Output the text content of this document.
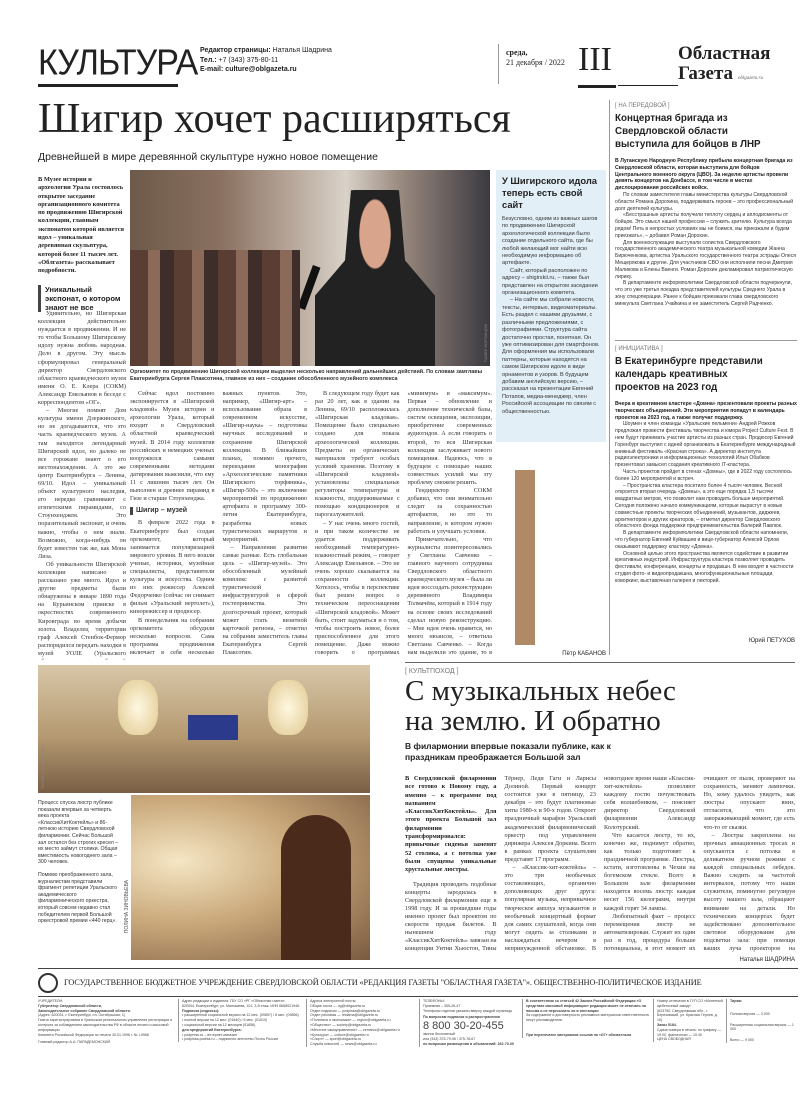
КУЛЬТУРА Редактор страницы: Наталья Шадрина
Тел.: +7 (343) 375-80-11
E-mail: culture@oblgazeta.ru
среда,
21 декабря / 2022 III	Областная
Газета oblgazeta.ru
Шигир хочет расширяться
Древнейшей в мире деревянной скульптуре нужно новое помещение
В Музее истории и археологии Урала состоялось открытое заседание организационного комитета по продвижению Шигирской коллекции, главным экспонатом которой является идол – уникальная деревянная скульптура, которой более 11 тысяч лет. «Облгазета» рассказывает подробности.
Уникальный экспонат, о котором знают не все

Удивительно, но Шигирская коллекция действительно нуждается в продвижении. И не то чтобы Большому Шигирскому идолу нужна любовь народная. Дело в другом. Эту мысль сформулировал генеральный директор Свердловского областного краеведческого музея имени О. Е. Клера (СОКМ) Александр Емельянов в беседе с корреспондентом «ОГ».

– Многие помнят Дом культуры имени Дзержинского, но не догадываются, что это часть краеведческого музея. А там находится легендарный Шигирский идол, но далеко не все горожане знают о его местонахождении. А это же центр Екатеринбурга – Ленина, 69/10. Идол – уникальный объект культурного наследия, его нередко сравнивают с египетскими пирамидами, со Стоунхенджем. Это поразительный экспонат, и очень важно, чтобы о нем знали. Возможно, когда-нибудь он будет известен так же, как Мона Лиза.

Об уникальности Шигирской коллекции написано и рассказано уже много. Идол и другие предметы были обнаружены в январе 1890 года на Курьинском прииске в окрестностях современного Кировграда во время добычи золота. Владелец территории граф Алексей Стенбок-Фермор распорядился передать находки в музей УОЛЕ (Уральского

ПАВЕЛ ВОРОЖЦОВ
Оргкомитет по продвижению Шигирской коллекции выделил несколько направлений дальнейших действий. По словам замглавы Екатеринбурга Сергея Плаксотина, главное из них – создание обособленного музейного комплекса

Сейчас идол постоянно экспонируется в «Шигирской кладовой» Музея истории и археологии Урала, который входит в Свердловский областной краеведческий музей. В 2014 году коллектив российских и немецких ученых вооружился самыми современными методами датирования выяснили, что ему 11 с лишним тысяч лет. Он выполнен и древнее пирамид в Гизе и старше Стоунхенджа.

Шигир – музей

В феврале 2022 года в Екатеринбурге был создан оргкомитет, который занимается популяризацией мирового уровня. В него вошли ученые, историки, музейные специалисты, представители культуры и искусства. Одним из них режиссер Алексей Федорченко (сейчас он снимает фильм «Уральский вертолет»), кинорежиссер и продюсер.

В понедельник на собрании оргкомитета обсудили несколько вопросов. Сама программа продвижения включает в себя несколько важных пунктов. Это, например, «Шигир-арт» – использование образа в современном искусстве, «Шигир-наука» – подготовка научных исследований и сохранение Шигирской коллекции. В ближайших планах, помимо прочего, переиздание монографии «Археологические памятники Шигирского торфяника», «Шигир-500» – это включение мероприятий по продвижению артефакта в программу 300-летия Екатеринбурга, разработка новых туристических маршрутов и мероприятий.

– Направления развития самые разные. Есть глобальная цель – «Шигир-музей». Это обособленный музейный комплекс с развитой туристической инфраструктурой и сферой гостеприимства. Это долгосрочный проект, который может стать визитной карточкой региона, – отметил на собрании заместитель главы Екатеринбурга Сергей Плаксотин.

В следующем году будет как раз 20 лет, как в здании на Ленина, 69/10 расположилась «Шигирская кладовая». Помещение было специально создано для показа археологической коллекции. Предметы из органических материалов требуют особых условий хранения. Поэтому в «Шигирской кладовой» установлены специальные регуляторы температуры и влажности, поддерживаемые с помощью кондиционеров и парогазлужителей.

– У нас очень много гостей, и при таком количестве не удается поддерживать необходимый температурно-влажностный режим, – говорит Александр Емельянов. – Это не очень хорошо сказывается на сохранности коллекции. Хотелось, чтобы в перспективе был решен вопрос о техническом переоснащении «Шигирской кладовой». Может быть, стоит задуматься и о том, чтобы построить новое, более приспособленное для этого помещение. Даже можно говорить о программах «минимум» и «максимум». Первая – обновление и дополнение технической базы, систем освещения, экспозиции, приобретение современных аудиогидов. А если говорить о второй, то вся Шигирская коллекция заслуживает нового помещения. Надеюсь, что в будущем с помощью наших совместных усилий мы эту проблему сможем решить.

Гендиректор СОКМ добавил, что они внимательно следят за сохранностью артефактов, но это то направление, в котором нужно работать и улучшать условия.

Примечательно, что журналисты поинтересовались у Светланы Савченко – главного научного сотрудника Свердловского областного краеведческого музея – была ли идея воссоздать реконструкцию деревянного Владимира Толмачёва, который в 1914 году на основе своих исследований сделал новую реконструкцию. – Мне идея очень нравится, но много нюансов, – ответила Светлана Савченко. – Когда нам выделили это здание, то в

У Шигирского идола теперь есть свой сайт
Безусловно, одним из важных шагов по продвижению Шигирской археологической коллекции было создание отдельного сайта, где бы любой желающий мог найти всю необходимую информацию об артефакте.

Сайт, который расположен по адресу – shigirskii.ru, – также был представлен на открытом заседании организационного комитета.

– На сайте мы собрали новости, тексты, интервью, видеоматериалы. Есть раздел с нашими друзьями, с различными предложениями, с фотографиями. Структура сайта достаточно простая, понятная. Он уже оптимизирован для смартфонов. Для оформления мы использовали паттерны, которые находятся на самом Шигирском идоле в виде орнаментов и узоров. В будущем добавим английскую версию, – рассказал на презентации Евгений Потапов, медиа-менеджер, член Российской ассоциации по связям с общественностью.

Пётр КАБАНОВ
[ НА ПЕРЕДОВОЙ ]
Концертная бригада из Свердловской области выступила для бойцов в ЛНР
В Луганскую Народную Республику прибыла концертная бригада из Свердловской области, которая выступила для бойцов Центрального военного округа (ЦВО). За неделю артисты провели девять концертов на Донбассе, в том числе в местах дислоцирования российских войск.

По словам заместителя главы министерства культуры Свердловской области Романа Дорохина, поддерживать героев – это профессиональный долг деятелей культуры.

«Бесстрашные артисты получили теплоту сердец и аплодисменты от бойцов. Это смысл нашей профессии – служить зрителю. Культура всегда рядом! Петь в непростых условиях мы не боимся, мы приезжали и будем приезжать», – добавил Роман Дорохин.

Для военнослужащих выступали солистка Свердловского государственного академического театра музыкальной комедии Жанна Бирюченкова, артистка Уральского государственного театра эстрады Олеся Мещерякова и другие. Для участников СВО они исполнили песни Дмитрия Маликова и Елены Ваенги. Роман Дорохин декламировал патриотическую лирику.

В департаменте информполитики Свердловской области подчеркнули, что это уже третья поездка представителей культуры Среднего Урала в зону спецоперации. Ранее к бойцам приезжали глава свердловского минкульта Светлана Учайкина и ее заместитель Сергей Радченко.

[ ИНИЦИАТИВА ]
В Екатеринбурге представили календарь креативных проектов на 2023 год
Вчера в креативном кластере «Домна» презентовали проекты разных творческих объединений. Эти мероприятия попадут в календарь проектов на 2023 год, а также получат поддержку.

Шоумен и член команды «Уральские пельмени» Андрей Рожков предложил провести фестиваль творчества и юмора Project Culture Fest. В нем будут принимать участие артисты из разных стран. Продюсер Евгений Горенбург выступил с идеей организовать в Екатеринбурге международный книжный фестиваль «Красная строка». А директор института радиоэлектроники и информационных технологий Илья Обабков презентовал замысел создания креативного IT-кластера.

Часть проектов пройдет в стенах «Домны», где в 2022 году состоялось более 120 мероприятий и встреч.

– Пространства кластера посетило более 4 тысяч человек. Весной откроется вторая очередь «Домны», а это еще порядка 1,5 тысячи квадратных метров, что позволит нам проводить больше мероприятий. Сегодня положено начало коммуникациям, которые вырастут в новые совместные проекты творческих объединений, музыкантов, диджеев, архитекторов и других креаторов, – отметил директор Свердловского областного фонда поддержки предпринимательства Валерий Павлюк.

В департаменте информполитики Свердловской области напомнили, что губернатор Евгений Куйвашев и вице-губернатор Алексей Орлов оказывают поддержку кластеру «Домна».

Основной целью этого пространства является содействие в развитии креативных индустрий. Инфраструктура кластера позволяет проводить фестивали, конференции, концерты и продакшн. В нем входят в частности студия фото- и видеопродакшна, многофункциональные площади, коворкинг, выставочная галерея и лекторий.

Юрий ПЕТУХОВ
ПОЛИНА ЗИНОВЬЕВА
ПОЛИНА ЗИНОВЬЕВА
Процесс спуска люстр публике показали впервые за четверть века проекта «КлассикХитКоктейль» и 86-летнюю историю Свердловской филармонии. Сейчас Большой зал остался без строгих кресел – их место займут столики. Общая вместимость новогоднего зала – 300 человек.
Помимо преображенного зала, журналистам представили фрагмент репетиции Уральского академического филармонического оркестра, который совсем недавно стал победителем первой Большой оркестровой премии «440 герц».
[ КУЛЬТПОХОД ]
С музыкальных небес
на землю. И обратно
В филармонии впервые показали публике, как к праздникам преображается Большой зал
В Свердловской филармонии все готово к Новому году, а именно – к программе под названием «КлассикХитКоктейль». Для этого проекта Большой зал филармонии трансформировался: привычные сиденья заменят 52 столика, а с потолка уже были спущены уникальные хрустальные люстры.

Традиция проводить подобные концерты зародилась в Свердловской филармонии еще в 1998 году. И за прошедшие годы именно проект был проектом по скорости продаж билетов. В нынешнем году «КлассикХитКоктейль» завязан на концепции Уитни Хьюстон, Тины Тёрнер, Леди Гаги и Ларисы Долиной. Первый концерт состоится уже в пятницу, 23 декабря – это будут платиновые хиты 1980-х и 90-х годов. Откроет праздничный марафон Уральский академический филармонический оркестр под управлением дирижера Алексея Доркина. Всего в рамках проекта слушателям представят 17 программ.

– «Классик-хит-коктейль» – это три необычных составляющих, органично дополняющих друг друга: популярная музыка, непривычное творческое амплуа музыкантов и необычный концертный формат для самих слушателей, когда они могут сидеть за столиками и наслаждаться вечером в непринужденной обстановке. В новогоднее время наши «Классик-хит-коктейли» позволяют каждому гостю почувствовать себя волшебником, – поясняет директор Свердловской филармонии Александр Колотурский.

Что касается люстр, то их, конечно же, поднимут обратно, как только подготовят к праздничной программе. Люстры, кстати, изготовлены в Чехии на богемском стекле. Всего в Большом зале филармонии находятся восемь люстр: каждая весит 156 килограмм, внутри каждой горят 34 лампы.

Любопытный факт – процесс перемещения люстр не автоматизирован. Служит их один раз в год, процедура больше потенциальна, в этот момент их очищают от пыли, проверяют на сохранность, меняют лампочки. Но, кому удалось увидеть, как люстры опускают вниз, отгласятся, что это завораживающий момент, где есть что-то от сказки.

– Люстры закреплены на прочных авиационных тросах и опускаются с потолка в деликатном ручном режиме с каждой специальных лебедок. Важно следить за частотой интервалов, потому что наши служители, поминутно регулируя высоту нашего зала, обращают внимание на детали. Но технических концертах будет задействовано дополнительное световое оборудование для подсветки зала: при помощи ваших луча проекторов на

Наталья ШАДРИНА
ГОСУДАРСТВЕННОЕ БЮДЖЕТНОЕ УЧРЕЖДЕНИЕ СВЕРДЛОВСКОЙ ОБЛАСТИ «РЕДАКЦИЯ ГАЗЕТЫ "ОБЛАСТНАЯ ГАЗЕТА"». ОБЩЕСТВЕННО-ПОЛИТИЧЕСКОЕ ИЗДАНИЕ
УЧРЕДИТЕЛИ:
Губернатор Свердловской области,
Законодательное собрание Свердловской области.
(Адрес: 620031, г. Екатеринбург, пл. Октябрьская, 1)
Газета зарегистрирована в Уральском региональном управлении регистрации и контроля за соблюдением законодательства РФ в области печати и массовой информации
Комитета Российской Федерации по печати 30.01.1996 г. № I-0966
Главный редактор А.А. ПАРАДЕМОНСКИЙ
Адрес редакции и издателя: ГБУ СО «РГ «Областная газета».
620004, Екатеринбург, ул. Малышева, 101, 3-й этаж. ИНН 6658021946.
Подписка (индексы):
• расширенной социальной версии на 12 мес. (09857) / 6 мес. (09856)
• полной версии на 12 мес. (01840) / 6 мес. (01510)
• социальной версии на 12 месяцев (01856)
для предприятий Екатеринбурга:
• podpress.ru – интернет-магазин
• podpiska.pochta.ru – подписное агентство Почты России
Адреса электронной почты:
Общая почта — og@oblgazeta.ru
Отдел подписки — podpiska@oblgazeta.ru
Отдел рекламы — reklama@oblgazeta.ru
«Политика и экономика» — region@oblgazeta.ru
«Общество» — society@oblgazeta.ru
«Местное самоуправление» — zemstvo@oblgazeta.ru
«Культура» — culture@oblgazeta.ru
«Спорт» — sport@oblgazeta.ru
Служба новостей — news@oblgazeta.ru
ТЕЛЕФОНЫ:
Приемная – 355-26-47
Телефоны отделов указаны вверху каждой страницы
По вопросам подписки и распространения
8 800 30-20-455
звонок бесплатный
или (343) 375-79-96 / 375-78-67
по вопросам размещения и объявлений: 262-70-00
В соответствии со статьей 42 Закона Российской Федерации «О средствах массовой информации» редакция может не отвечать на письма и не пересылать их в инстанции
За содержание и достоверность рекламных материалов ответственность несут рекламодатели.
При перепечатке материалов ссылка на «ОГ» обязательна
Номер отпечатан в ГУП СО «Монетный щебеночный завод»
(623750, Свердловская обл., г. Березовский, ул. Красных Героев, д. 10)
Заказ 5184.
Сдача номера в печать: по графику — 19.00, фактически — 19.30
ЦЕНА СВОБОДНАЯ
Тираж:
Полная версия — 3 000
Расширенная социальная версия — 1 000
Всего — 9 000
